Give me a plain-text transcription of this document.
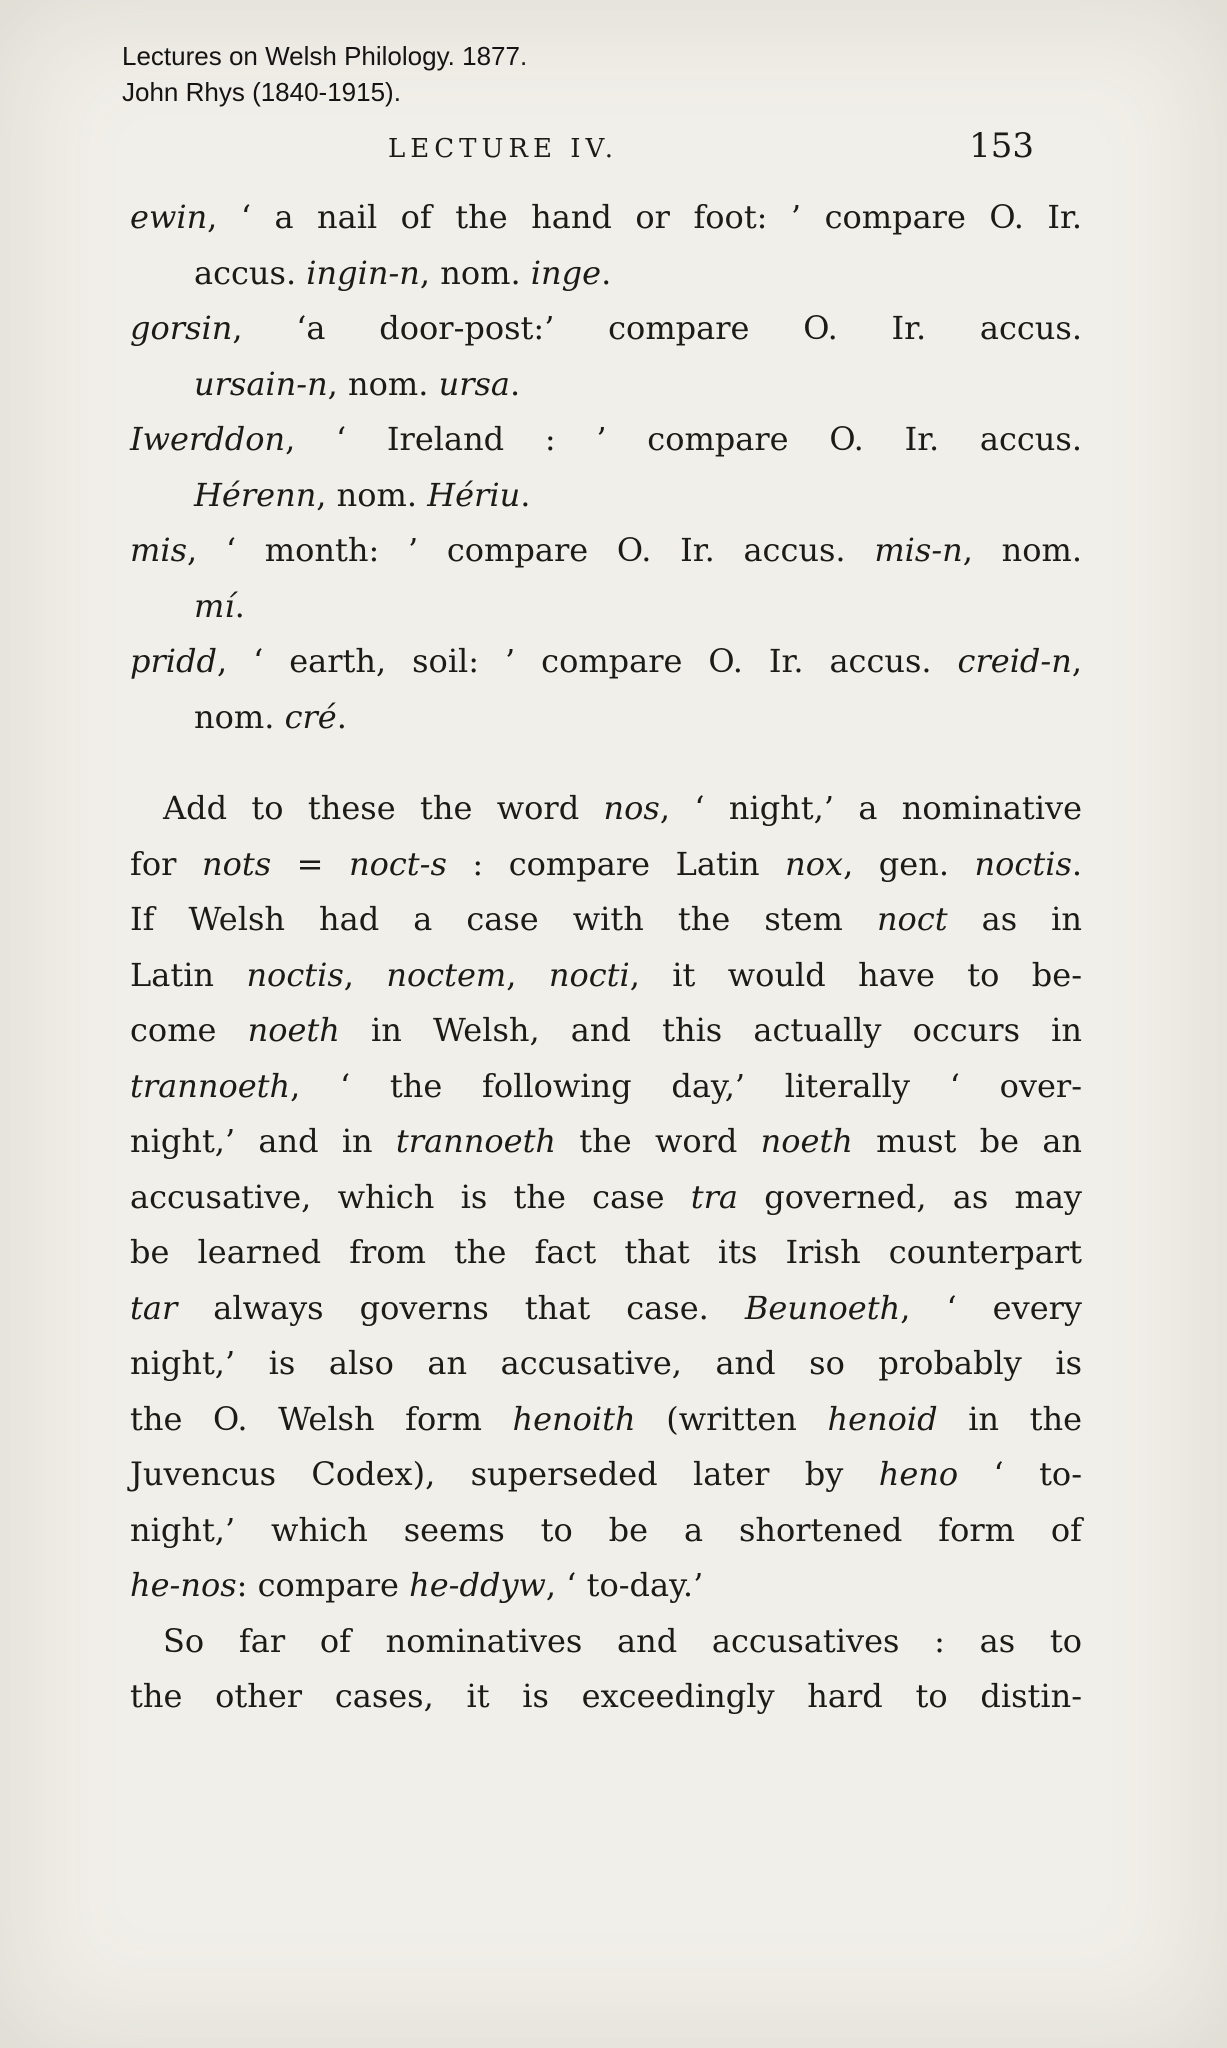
Lectures on Welsh Philology. 1877.
John Rhys (1840-1915).
LECTURE IV.	153
ewin, ‘ a nail of the hand or foot: ’ compare O. Ir.
accus. ingin-n, nom. inge.
gorsin, ‘a door-post:’ compare O. Ir. accus.
ursain-n, nom. ursa.
Iwerddon, ‘ Ireland : ’ compare O. Ir. accus.
Hérenn, nom. Hériu.
mis, ‘ month: ’ compare O. Ir. accus. mis-n, nom.
mí.
pridd, ‘ earth, soil: ’ compare O. Ir. accus. creid-n,
nom. cré.
Add to these the word nos, ‘ night,’ a nominative
for nots = noct-s : compare Latin nox, gen. noctis.
If Welsh had a case with the stem noct as in
Latin noctis, noctem, nocti, it would have to be-
come noeth in Welsh, and this actually occurs in
trannoeth, ‘ the following day,’ literally ‘ over-
night,’ and in trannoeth the word noeth must be an
accusative, which is the case tra governed, as may
be learned from the fact that its Irish counterpart
tar always governs that case. Beunoeth, ‘ every
night,’ is also an accusative, and so probably is
the O. Welsh form henoith (written henoid in the
Juvencus Codex), superseded later by heno ‘ to-
night,’ which seems to be a shortened form of
he-nos: compare he-ddyw, ‘ to-day.’
So far of nominatives and accusatives : as to
the other cases, it is exceedingly hard to distin-
